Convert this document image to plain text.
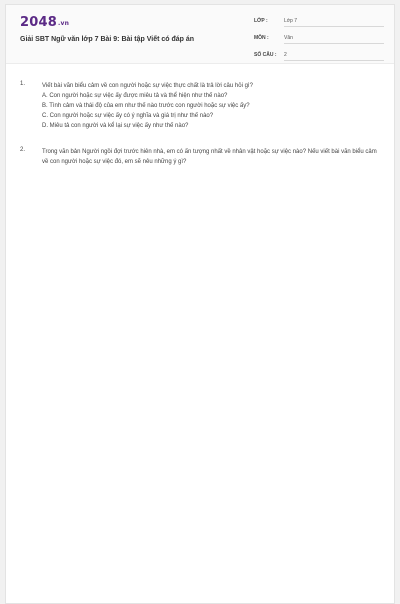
2048.vn
Giải SBT Ngữ văn lớp 7 Bài 9: Bài tập Viết có đáp án
LỚP :	Lớp 7
MÔN :	Văn
SỐ CÂU : 2
1.	Viết bài văn biểu cảm về con người hoặc sự việc thực chất là trả lời câu hỏi gì?
A. Con người hoặc sự việc ấy được miêu tả và thể hiện như thế nào?
B. Tình cảm và thái độ của em như thế nào trước con người hoặc sự việc ấy?
C. Con người hoặc sự việc ấy có ý nghĩa và giá trị như thế nào?
D. Miêu tả con người và kể lại sự việc ấy như thế nào?
2.	Trong văn bản Người ngồi đợi trước hiên nhà, em có ấn tượng nhất về nhân vật hoặc sự việc nào? Nếu viết bài văn biểu cảm về con người hoặc sự việc đó, em sẽ nêu những ý gì?
